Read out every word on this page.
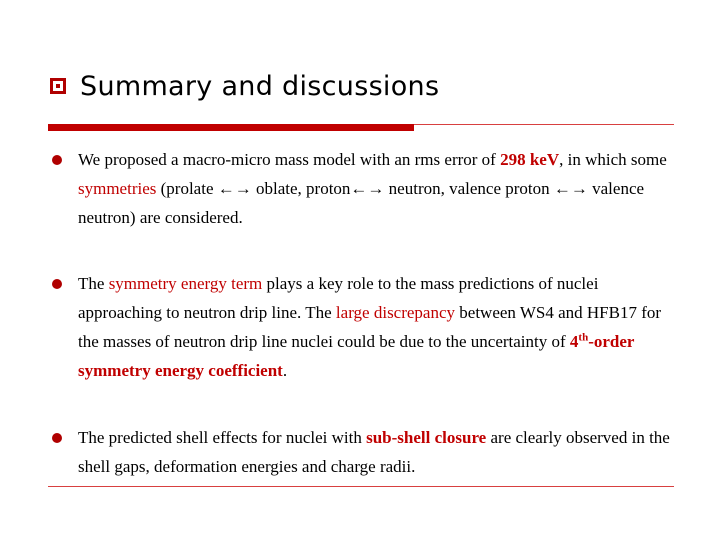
Summary and discussions
We proposed a macro-micro mass model with an rms error of 298 keV, in which some symmetries (prolate ←→ oblate, proton←→ neutron, valence proton ←→ valence neutron) are considered.
The symmetry energy term plays a key role to the mass predictions of nuclei approaching to neutron drip line. The large discrepancy between WS4 and HFB17 for the masses of neutron drip line nuclei could be due to the uncertainty of 4th-order symmetry energy coefficient.
The predicted shell effects for nuclei with sub-shell closure are clearly observed in the shell gaps, deformation energies and charge radii.
